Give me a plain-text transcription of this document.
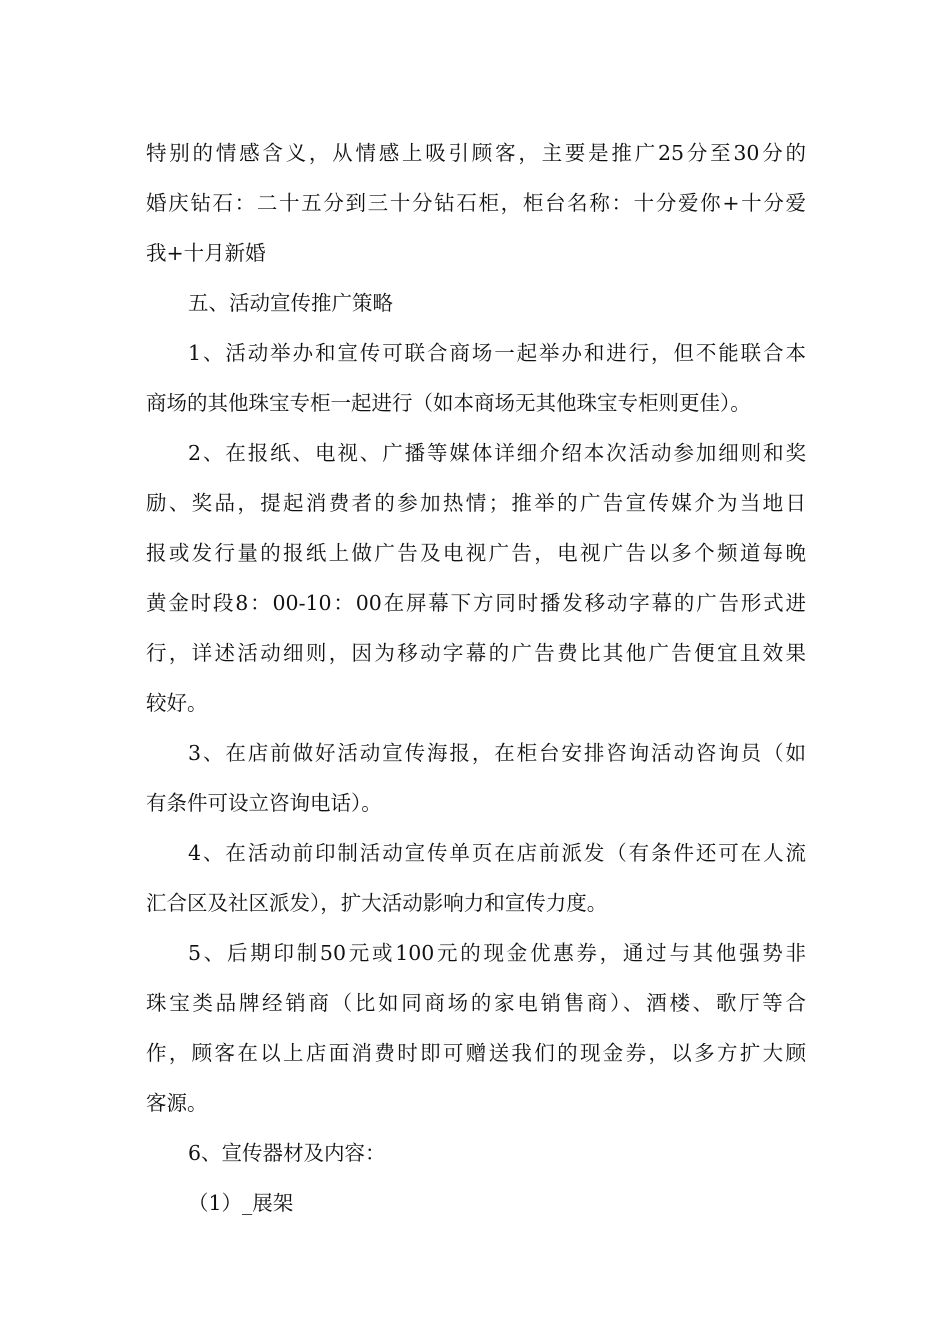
特别的情感含义，从情感上吸引顾客，主要是推广25分至30分的
婚庆钻石：二十五分到三十分钻石柜，柜台名称：十分爱你+十分爱
我+十月新婚

五、活动宣传推广策略

1、活动举办和宣传可联合商场一起举办和进行，但不能联合本
商场的其他珠宝专柜一起进行（如本商场无其他珠宝专柜则更佳）。

2、在报纸、电视、广播等媒体详细介绍本次活动参加细则和奖
励、奖品，提起消费者的参加热情；推举的广告宣传媒介为当地日
报或发行量的报纸上做广告及电视广告，电视广告以多个频道每晚
黄金时段8：00-10：00在屏幕下方同时播发移动字幕的广告形式进
行，详述活动细则，因为移动字幕的广告费比其他广告便宜且效果
较好。

3、在店前做好活动宣传海报，在柜台安排咨询活动咨询员（如
有条件可设立咨询电话）。

4、在活动前印制活动宣传单页在店前派发（有条件还可在人流
汇合区及社区派发），扩大活动影响力和宣传力度。

5、后期印制50元或100元的现金优惠券，通过与其他强势非
珠宝类品牌经销商（比如同商场的家电销售商）、酒楼、歌厅等合
作，顾客在以上店面消费时即可赠送我们的现金券，以多方扩大顾
客源。

6、宣传器材及内容：

（1）_展架
